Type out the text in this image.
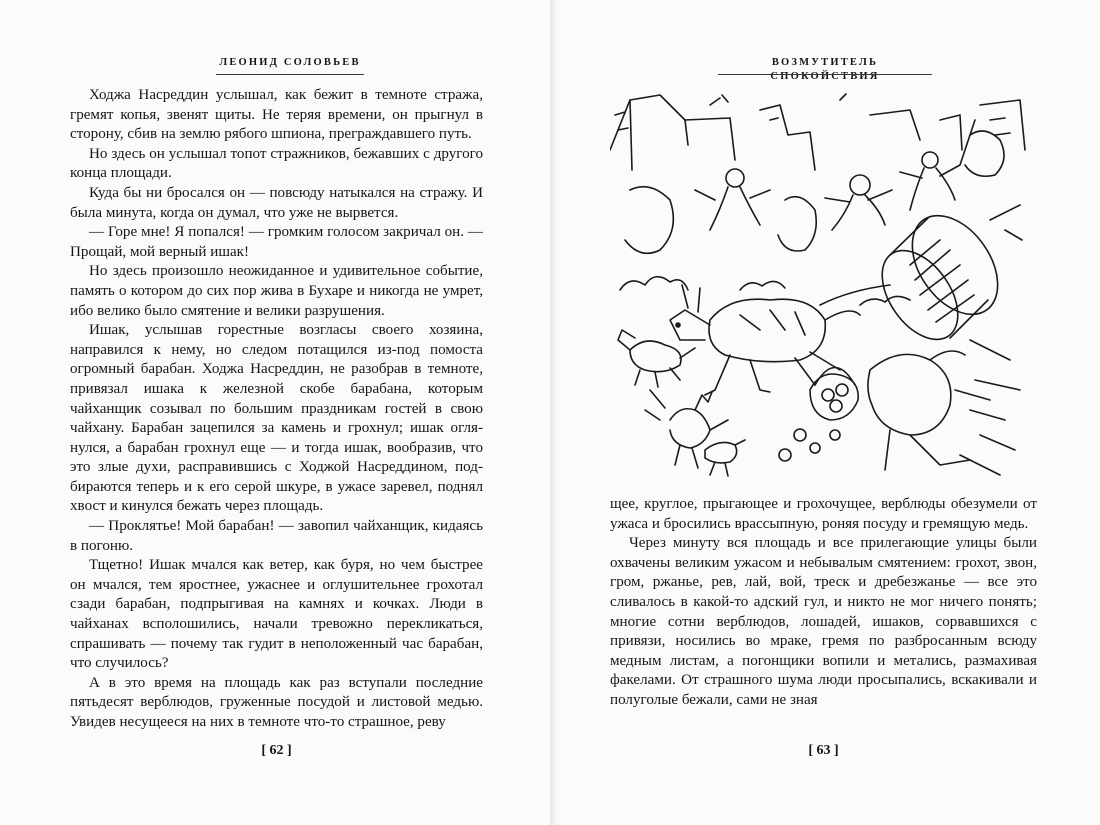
ЛЕОНИД СОЛОВЬЕВ

Ходжа Насреддин услышал, как бежит в темноте стража, гремят копья, звенят щиты. Не теряя времени, он прыгнул в сторону, сбив на землю рябого шпиона, преграждавшего путь.

Но здесь он услышал топот стражников, бежавших с другого конца площади.

Куда бы ни бросался он — повсюду натыкался на стражу. И была минута, когда он думал, что уже не вырвется.

— Горе мне! Я попался! — громким голосом закричал он. — Прощай, мой верный ишак!

Но здесь произошло неожиданное и удивительное событие, память о котором до сих пор жива в Бухаре и никогда не умрет, ибо велико было смятение и велики разрушения.

Ишак, услышав горестные возгласы своего хозяина, направился к нему, но следом потащился из-под помоста огромный барабан. Ходжа Насреддин, не разобрав в темноте, привязал ишака к железной скобе барабана, которым чайханщик созывал по большим праздникам гостей в свою чайхану. Барабан зацепился за камень и грохнул; ишак оглянулся, а барабан грохнул еще — и тогда ишак, вообразив, что это злые духи, расправившись с Ходжой Насреддином, подбираются теперь и к его серой шкуре, в ужасе заревел, поднял хвост и кинулся бежать через площадь.

— Проклятье! Мой барабан! — завопил чайханщик, кидаясь в погоню.

Тщетно! Ишак мчался как ветер, как буря, но чем быстрее он мчался, тем яростнее, ужаснее и оглушительнее грохотал сзади барабан, подпрыгивая на камнях и кочках. Люди в чайханах всполошились, начали тревожно перекликаться, спрашивать — почему так гудит в неположенный час барабан, что случилось?

А в это время на площадь как раз вступали последние пятьдесят верблюдов, груженные посудой и листовой медью. Увидев несущееся на них в темноте что-то страшное, реву

[ 62 ]
ВОЗМУТИТЕЛЬ СПОКОЙСТВИЯ

щее, круглое, прыгающее и грохочущее, верблюды обезумели от ужаса и бросились врассыпную, роняя посуду и гремящую медь.

Через минуту вся площадь и все прилегающие улицы были охвачены великим ужасом и небывалым смятением: грохот, звон, гром, ржанье, рев, лай, вой, треск и дребезжанье — все это сливалось в какой-то адский гул, и никто не мог ничего понять; многие сотни верблюдов, лошадей, ишаков, сорвавшихся с привязи, носились во мраке, гремя по разбросанным всюду медным листам, а погонщики вопили и метались, размахивая факелами. От страшного шума люди просыпались, вскакивали и полуголые бежали, сами не зная

[ 63 ]
